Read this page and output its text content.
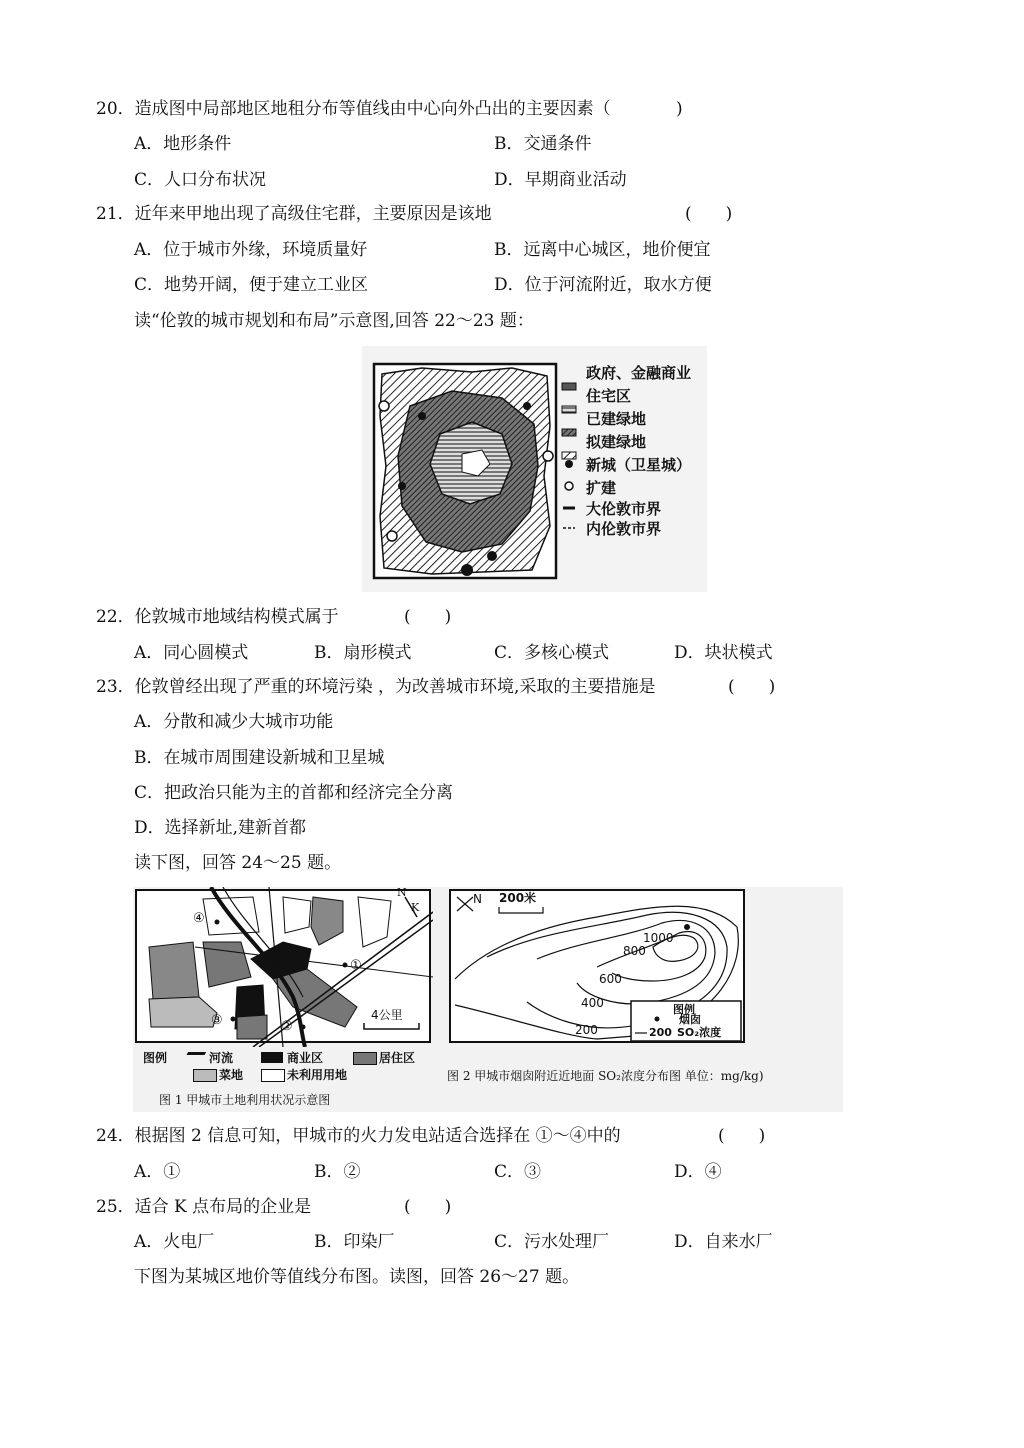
20．造成图中局部地区地租分布等值线由中心向外凸出的主要因素（	)
A．地形条件	B．交通条件
C．人口分布状况	D．早期商业活动
21．近年来甲地出现了高级住宅群，主要原因是该地	(　　)
A．位于城市外缘，环境质量好	B．远离中心城区，地价便宜
C．地势开阔，便于建立工业区	D．位于河流附近，取水方便
读“伦敦的城市规划和布局”示意图,回答 22～23 题：
政府、金融商业
住宅区
已建绿地
拟建绿地
新城（卫星城）
扩建
大伦敦市界
内伦敦市界
22．伦敦城市地域结构模式属于	(　　)
A．同心圆模式	B．扇形模式	C．多核心模式	D．块状模式
23．伦敦曾经出现了严重的环境污染 ，为改善城市环境,采取的主要措施是	(　　)
A．分散和减少大城市功能
B．在城市周围建设新城和卫星城
C．把政治只能为主的首都和经济完全分离
D．选择新址,建新首都
读下图，回答 24～25 题。
N
K
④
①
③	②
4公里
图例	河流	商业区	居住区
菜地	未利用用地
图 1 甲城市土地利用状况示意图
N 200米
1000
800
600
400
200
图例
烟囱
200 SO₂浓度
图 2 甲城市烟囱附近近地面 SO₂浓度分布图 单位：mg/kg)
24．根据图 2 信息可知，甲城市的火力发电站适合选择在 ①～④中的	(　　)
A．①	B．②	C．③	D．④
25．适合 K 点布局的企业是	(　　)
A．火电厂	B．印染厂	C．污水处理厂	D．自来水厂
下图为某城区地价等值线分布图。读图，回答 26～27 题。
